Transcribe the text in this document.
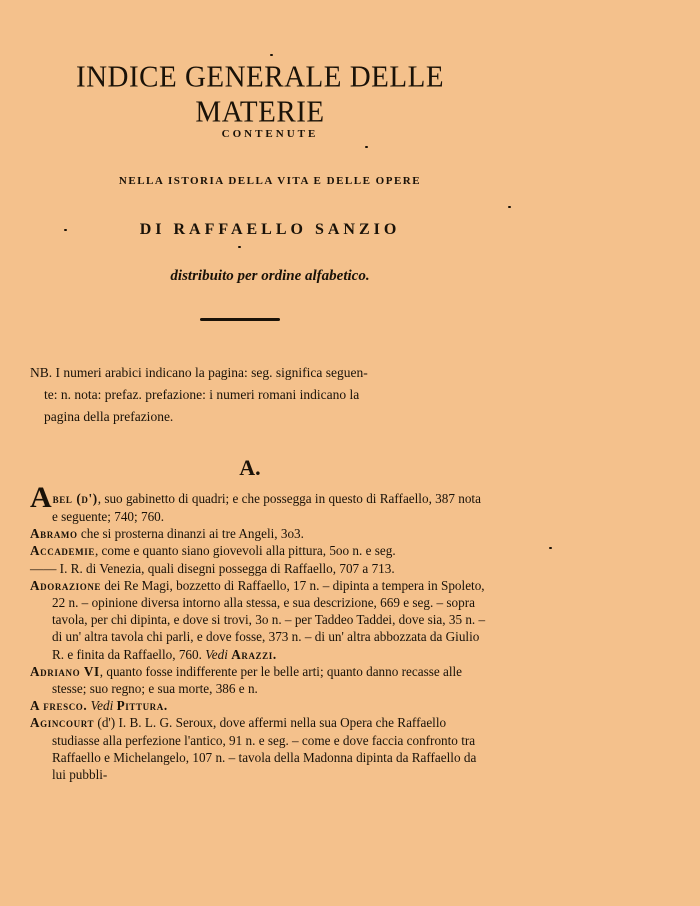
INDICE GENERALE DELLE MATERIE
CONTENUTE
NELLA ISTORIA DELLA VITA E DELLE OPERE
DI RAFFAELLO SANZIO
distribuito per ordine alfabetico.
NB. I numeri arabici indicano la pagina: seg. significa seguen-
te: n. nota: prefaz. prefazione: i numeri romani indicano la
pagina della prefazione.
A.

Abel (d'), suo gabinetto di quadri; e che possegga in questo di Raffaello, 387 nota e seguente; 740; 760.

Abramo che si prosterna dinanzi ai tre Angeli, 3o3.

Accademie, come e quanto siano giovevoli alla pittura, 5oo n. e seg.

—— I. R. di Venezia, quali disegni possegga di Raffaello, 707 a 713.

Adorazione dei Re Magi, bozzetto di Raffaello, 17 n. – dipinta a tempera in Spoleto, 22 n. – opinione diversa intorno alla stessa, e sua descrizione, 669 e seg. – sopra tavola, per chi dipinta, e dove si trovi, 3o n. – per Taddeo Taddei, dove sia, 35 n. – di un' altra tavola chi parli, e dove fosse, 373 n. – di un' altra abbozzata da Giulio R. e finita da Raffaello, 760. Vedi Arazzi.

Adriano VI, quanto fosse indifferente per le belle arti; quanto danno recasse alle stesse; suo regno; e sua morte, 386 e n.

A fresco. Vedi Pittura.

Agincourt (d') I. B. L. G. Seroux, dove affermi nella sua Opera che Raffaello studiasse alla perfezione l'antico, 91 n. e seg. – come e dove faccia confronto tra Raffaello e Michelangelo, 107 n. – tavola della Madonna dipinta da Raffaello da lui pubbli-
